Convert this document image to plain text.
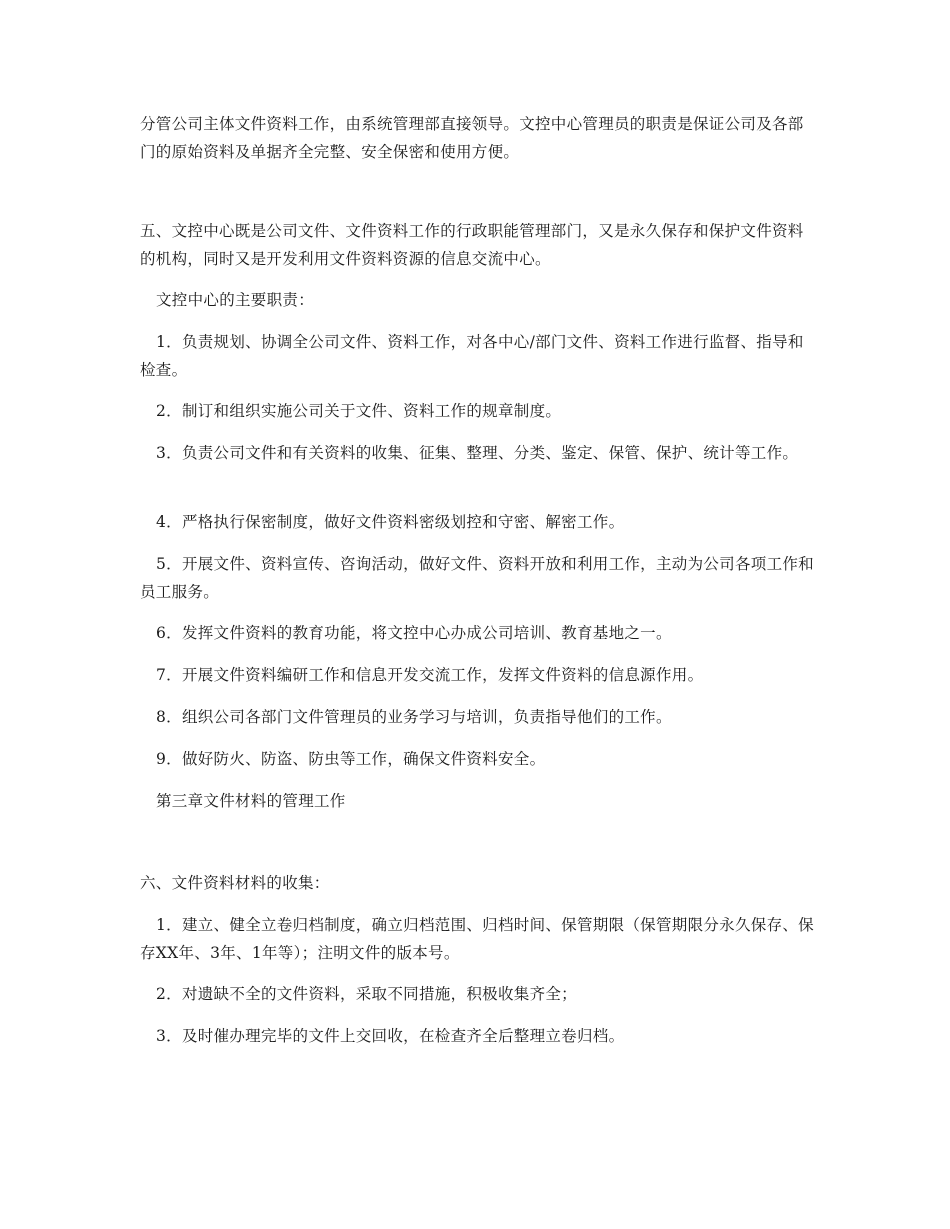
分管公司主体文件资料工作，由系统管理部直接领导。文控中心管理员的职责是保证公司及各部门的原始资料及单据齐全完整、安全保密和使用方便。

五、文控中心既是公司文件、文件资料工作的行政职能管理部门，又是永久保存和保护文件资料的机构，同时又是开发利用文件资料资源的信息交流中心。

文控中心的主要职责：

1．负责规划、协调全公司文件、资料工作，对各中心/部门文件、资料工作进行监督、指导和检查。

2．制订和组织实施公司关于文件、资料工作的规章制度。

3．负责公司文件和有关资料的收集、征集、整理、分类、鉴定、保管、保护、统计等工作。

4．严格执行保密制度，做好文件资料密级划控和守密、解密工作。

5．开展文件、资料宣传、咨询活动，做好文件、资料开放和利用工作，主动为公司各项工作和员工服务。

6．发挥文件资料的教育功能，将文控中心办成公司培训、教育基地之一。

7．开展文件资料编研工作和信息开发交流工作，发挥文件资料的信息源作用。

8．组织公司各部门文件管理员的业务学习与培训，负责指导他们的工作。

9．做好防火、防盗、防虫等工作，确保文件资料安全。

第三章文件材料的管理工作

六、文件资料材料的收集：

1．建立、健全立卷归档制度，确立归档范围、归档时间、保管期限（保管期限分永久保存、保存XX年、3年、1年等）；注明文件的版本号。

2．对遗缺不全的文件资料，采取不同措施，积极收集齐全；

3．及时催办理完毕的文件上交回收，在检查齐全后整理立卷归档。
